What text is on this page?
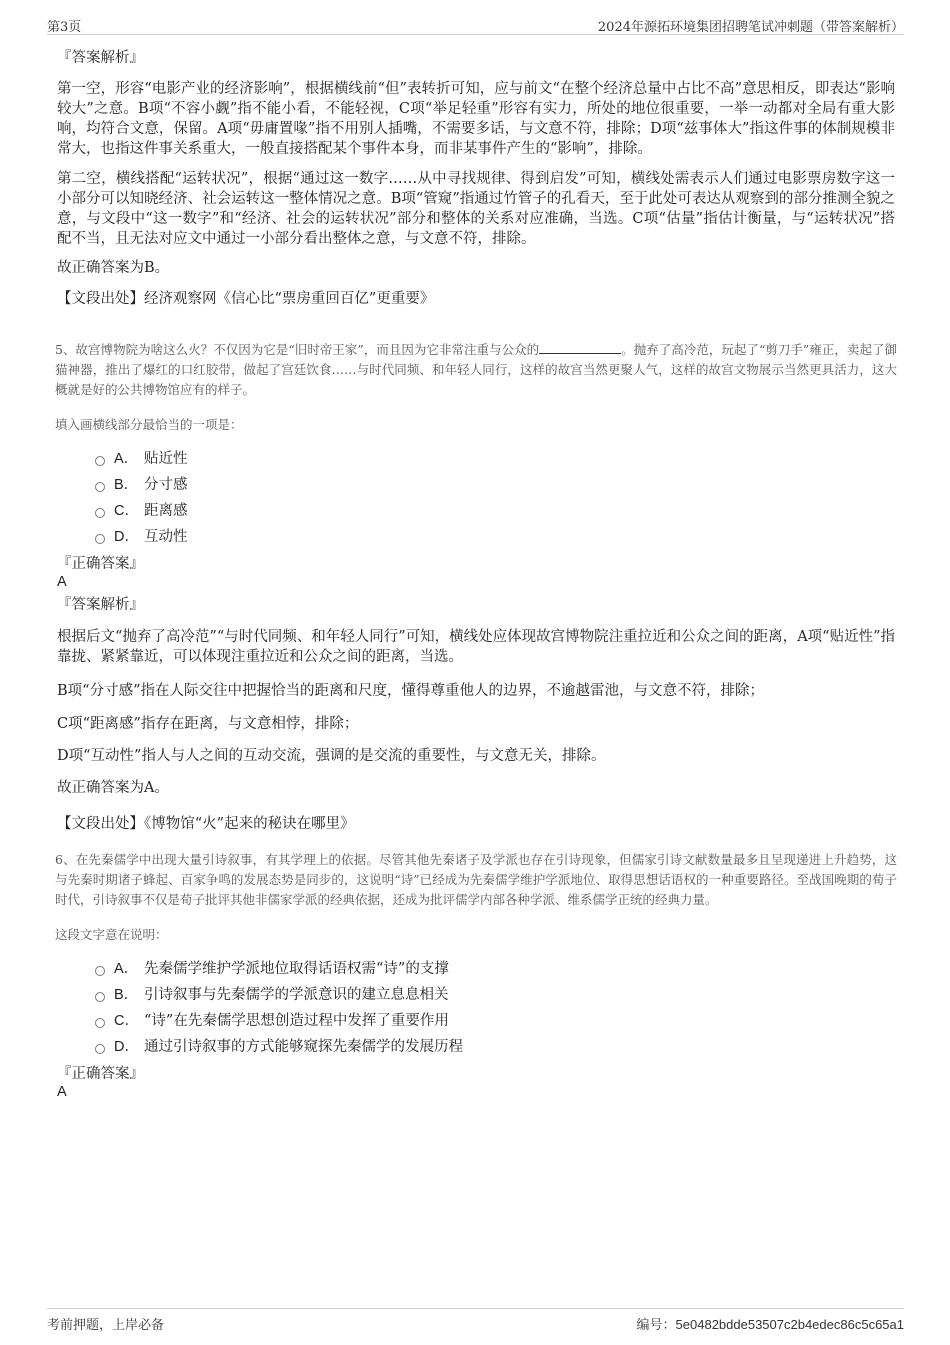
第3页	2024年源拓环境集团招聘笔试冲刺题（带答案解析）
『答案解析』
第一空，形容“电影产业的经济影响”，根据横线前“但”表转折可知，应与前文“在整个经济总量中占比不高”意思相反，即表达“影响较大”之意。B项“不容小觑”指不能小看，不能轻视，C项“举足轻重”形容有实力，所处的地位很重要，一举一动都对全局有重大影响，均符合文意，保留。A项“毋庸置喙”指不用别人插嘴，不需要多话，与文意不符，排除；D项“兹事体大”指这件事的体制规模非常大，也指这件事关系重大，一般直接搭配某个事件本身，而非某事件产生的“影响”，排除。
第二空，横线搭配“运转状况”，根据“通过这一数字……从中寻找规律、得到启发”可知，横线处需表示人们通过电影票房数字这一小部分可以知晓经济、社会运转这一整体情况之意。B项“管窥”指通过竹管子的孔看天，至于此处可表达从观察到的部分推测全貌之意，与文段中“这一数字”和“经济、社会的运转状况”部分和整体的关系对应准确，当选。C项“估量”指估计衡量，与“运转状况”搭配不当，且无法对应文中通过一小部分看出整体之意，与文意不符，排除。
故正确答案为B。
【文段出处】经济观察网《信心比“票房重回百亿”更重要》
5、故宫博物院为啥这么火？不仅因为它是“旧时帝王家”，而且因为它非常注重与公众的	。抛弃了高冷范，玩起了“剪刀手”雍正，卖起了御猫神器，推出了爆红的口红胶带，做起了宫廷饮食……与时代同频、和年轻人同行，这样的故宫当然更聚人气，这样的故宫文物展示当然更具活力，这大概就是好的公共博物馆应有的样子。
填入画横线部分最恰当的一项是：
A． 贴近性
B． 分寸感
C． 距离感
D． 互动性
『正确答案』
A
『答案解析』
根据后文“抛弃了高冷范”“与时代同频、和年轻人同行”可知，横线处应体现故宫博物院注重拉近和公众之间的距离，A项“贴近性”指靠拢、紧紧靠近，可以体现注重拉近和公众之间的距离，当选。
B项“分寸感”指在人际交往中把握恰当的距离和尺度，懂得尊重他人的边界，不逾越雷池，与文意不符，排除；
C项“距离感”指存在距离，与文意相悖，排除；
D项“互动性”指人与人之间的互动交流，强调的是交流的重要性，与文意无关，排除。
故正确答案为A。
【文段出处】《博物馆“火”起来的秘诀在哪里》
6、在先秦儒学中出现大量引诗叙事，有其学理上的依据。尽管其他先秦诸子及学派也存在引诗现象，但儒家引诗文献数量最多且呈现递进上升趋势，这与先秦时期诸子蜂起、百家争鸣的发展态势是同步的，这说明“诗”已经成为先秦儒学维护学派地位、取得思想话语权的一种重要路径。至战国晚期的荀子时代，引诗叙事不仅是荀子批评其他非儒家学派的经典依据，还成为批评儒学内部各种学派、维系儒学正统的经典力量。
这段文字意在说明：
A． 先秦儒学维护学派地位取得话语权需“诗”的支撑
B． 引诗叙事与先秦儒学的学派意识的建立息息相关
C． “诗”在先秦儒学思想创造过程中发挥了重要作用
D． 通过引诗叙事的方式能够窥探先秦儒学的发展历程
『正确答案』
A
考前押题，上岸必备	编号：5e0482bdde53507c2b4edec86c5c65a1
